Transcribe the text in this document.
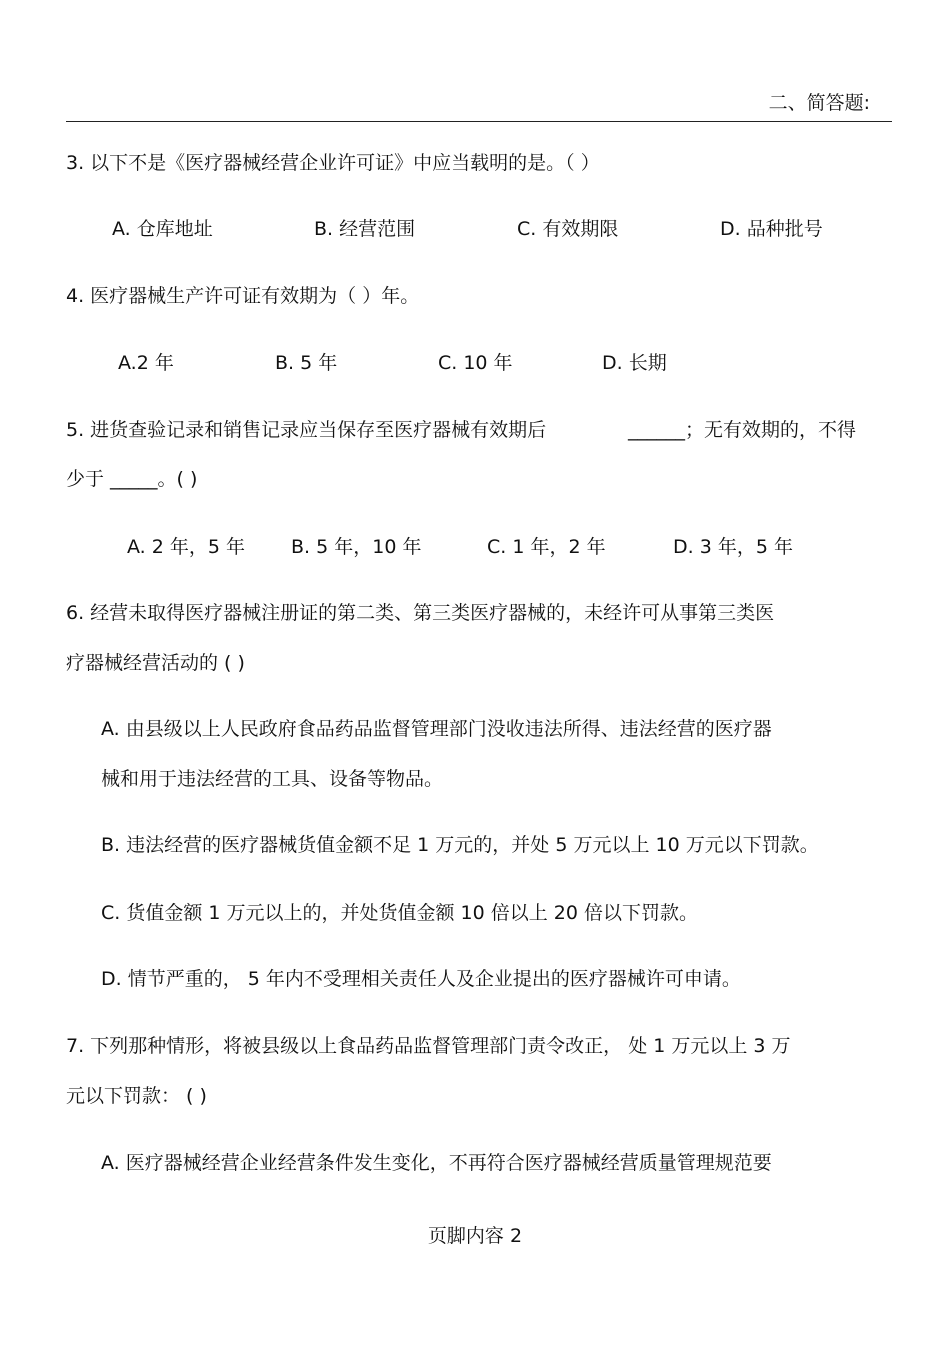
二、简答题:
3. 以下不是《医疗器械经营企业许可证》中应当载明的是。（ ）
A. 仓库地址	B. 经营范围	C. 有效期限	D. 品种批号
4. 医疗器械生产许可证有效期为（ ）年。
A.2 年	B. 5 年	C. 10 年	D. 长期
5. 进货查验记录和销售记录应当保存至医疗器械有效期后	______；无有效期的，不得
少于 _____。( )
A. 2 年，5 年 B. 5 年，10 年	C. 1 年，2 年	D. 3 年，5 年
6. 经营未取得医疗器械注册证的第二类、第三类医疗器械的，未经许可从事第三类医
疗器械经营活动的 ( )
A. 由县级以上人民政府食品药品监督管理部门没收违法所得、违法经营的医疗器
械和用于违法经营的工具、设备等物品。
B. 违法经营的医疗器械货值金额不足 1 万元的，并处 5 万元以上 10 万元以下罚款。
C. 货值金额 1 万元以上的，并处货值金额 10 倍以上 20 倍以下罚款。
D. 情节严重的， 5 年内不受理相关责任人及企业提出的医疗器械许可申请。
7. 下列那种情形，将被县级以上食品药品监督管理部门责令改正， 处 1 万元以上 3 万
元以下罚款： ( )
A. 医疗器械经营企业经营条件发生变化，不再符合医疗器械经营质量管理规范要
页脚内容 2
